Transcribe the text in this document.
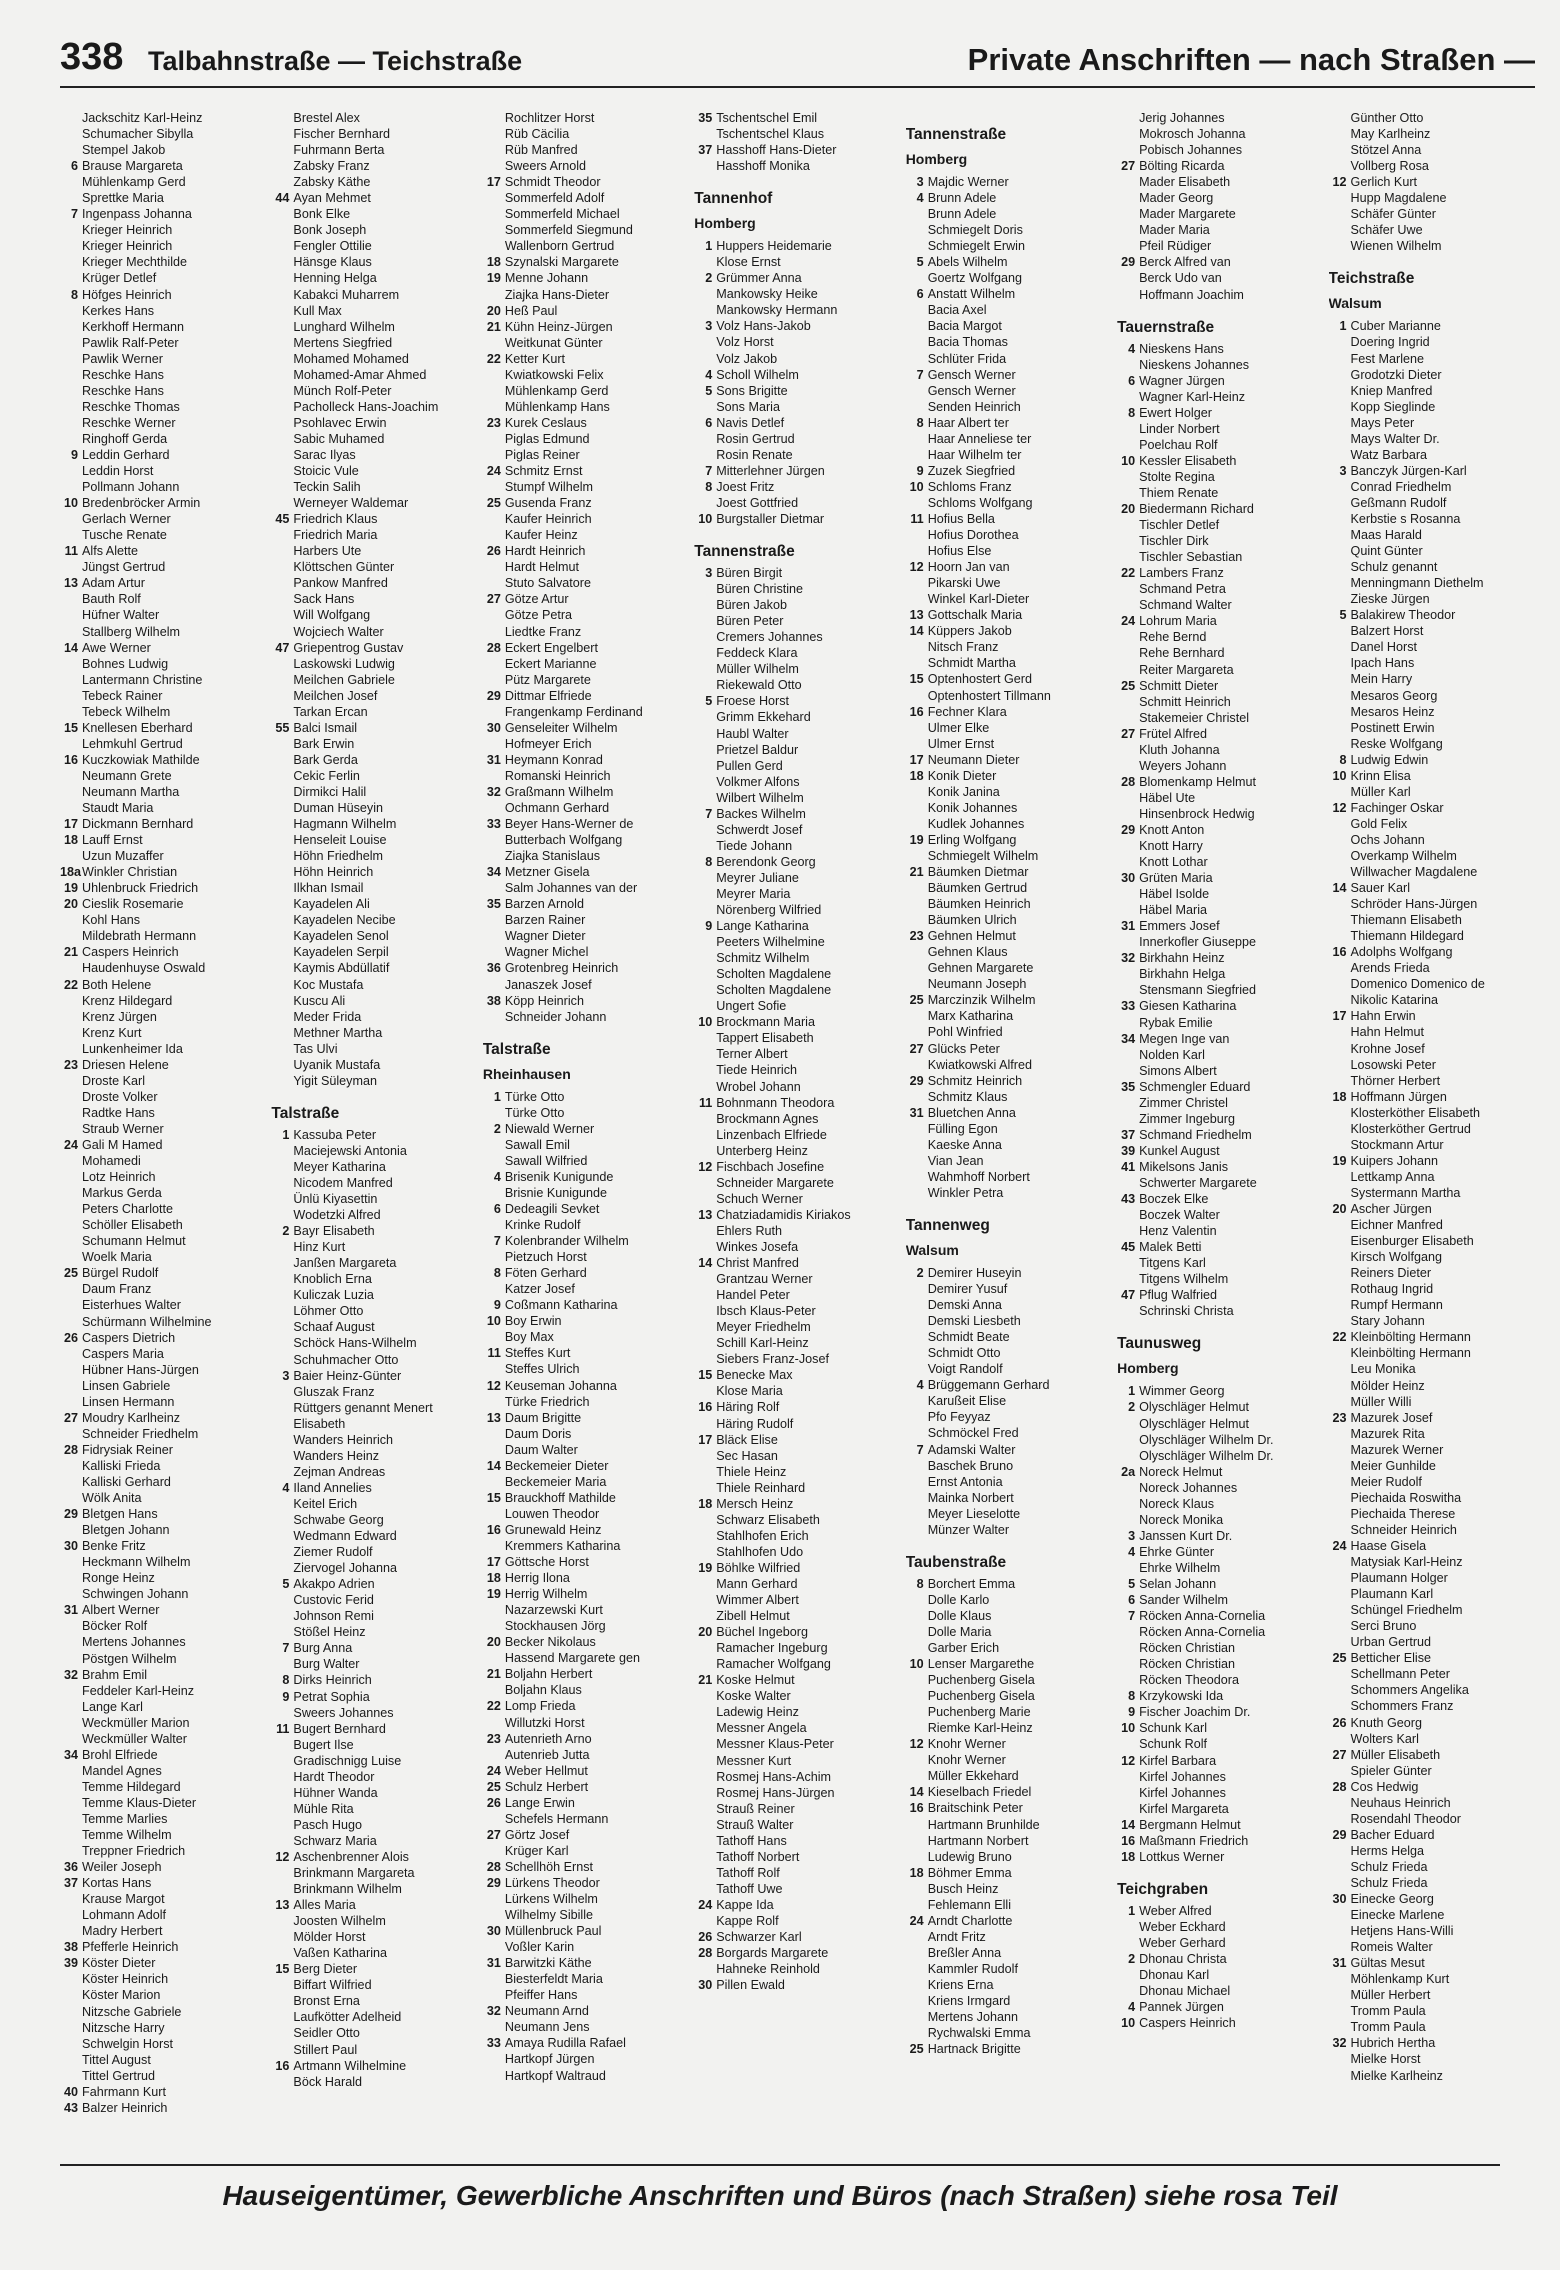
338 Talbahnstraße — Teichstraße	Private Anschriften — nach Straßen —
Jackschitz Karl-Heinz
Schumacher Sibylla
Stempel Jakob
6 Brause Margareta
Mühlenkamp Gerd
Sprettke Maria
7 Ingenpass Johanna
Krieger Heinrich
Krieger Heinrich
Krieger Mechthilde
Krüger Detlef
8 Höfges Heinrich
Kerkes Hans
Kerkhoff Hermann
Pawlik Ralf-Peter
Pawlik Werner
Reschke Hans
Reschke Hans
Reschke Thomas
Reschke Werner
Ringhoff Gerda
9 Leddin Gerhard
Leddin Horst
Pollmann Johann
10 Bredenbröcker Armin
Gerlach Werner
Tusche Renate
11 Alfs Alette
Jüngst Gertrud
13 Adam Artur
Bauth Rolf
Hüfner Walter
Stallberg Wilhelm
14 Awe Werner
Bohnes Ludwig
Lantermann Christine
Tebeck Rainer
Tebeck Wilhelm
15 Knellesen Eberhard
Lehmkuhl Gertrud
16 Kuczkowiak Mathilde
Neumann Grete
Neumann Martha
Staudt Maria
17 Dickmann Bernhard
18 Lauff Ernst
Uzun Muzaffer
18aWinkler Christian
19 Uhlenbruck Friedrich
20 Cieslik Rosemarie
Kohl Hans
Mildebrath Hermann
21 Caspers Heinrich
Haudenhuyse Oswald
22 Both Helene
Krenz Hildegard
Krenz Jürgen
Krenz Kurt
Lunkenheimer Ida
23 Driesen Helene
Droste Karl
Droste Volker
Radtke Hans
Straub Werner
24 Gali M Hamed
Mohamedi
Lotz Heinrich
Markus Gerda
Peters Charlotte
Schöller Elisabeth
Schumann Helmut
Woelk Maria
25 Bürgel Rudolf
Daum Franz
Eisterhues Walter
Schürmann Wilhelmine
26 Caspers Dietrich
Caspers Maria
Hübner Hans-Jürgen
Linsen Gabriele
Linsen Hermann
27 Moudry Karlheinz
Schneider Friedhelm
28 Fidrysiak Reiner
Kalliski Frieda
Kalliski Gerhard
Wölk Anita
29 Bletgen Hans
Bletgen Johann
30 Benke Fritz
Heckmann Wilhelm
Ronge Heinz
Schwingen Johann
31 Albert Werner
Böcker Rolf
Mertens Johannes
Pöstgen Wilhelm
32 Brahm Emil
Feddeler Karl-Heinz
Lange Karl
Weckmüller Marion
Weckmüller Walter
34 Brohl Elfriede
Mandel Agnes
Temme Hildegard
Temme Klaus-Dieter
Temme Marlies
Temme Wilhelm
Treppner Friedrich
36 Weiler Joseph
37 Kortas Hans
Krause Margot
Lohmann Adolf
Madry Herbert
38 Pfefferle Heinrich
39 Köster Dieter
Köster Heinrich
Köster Marion
Nitzsche Gabriele
Nitzsche Harry
Schwelgin Horst
Tittel August
Tittel Gertrud
40 Fahrmann Kurt
43 Balzer Heinrich
Brestel Alex
Fischer Bernhard
Fuhrmann Berta
Zabsky Franz
Zabsky Käthe
44 Ayan Mehmet
Bonk Elke
Bonk Joseph
Fengler Ottilie
Hänsge Klaus
Henning Helga
Kabakci Muharrem
Kull Max
Lunghard Wilhelm
Mertens Siegfried
Mohamed Mohamed
Mohamed-Amar Ahmed
Münch Rolf-Peter
Pacholleck Hans-Joachim
Psohlavec Erwin
Sabic Muhamed
Sarac Ilyas
Stoicic Vule
Teckin Salih
Werneyer Waldemar
45 Friedrich Klaus
Friedrich Maria
Harbers Ute
Klöttschen Günter
Pankow Manfred
Sack Hans
Will Wolfgang
Wojciech Walter
47 Griepentrog Gustav
Laskowski Ludwig
Meilchen Gabriele
Meilchen Josef
Tarkan Ercan
55 Balci Ismail
Bark Erwin
Bark Gerda
Cekic Ferlin
Dirmikci Halil
Duman Hüseyin
Hagmann Wilhelm
Henseleit Louise
Höhn Friedhelm
Höhn Heinrich
Ilkhan Ismail
Kayadelen Ali
Kayadelen Necibe
Kayadelen Senol
Kayadelen Serpil
Kaymis Abdüllatif
Koc Mustafa
Kuscu Ali
Meder Frida
Methner Martha
Tas Ulvi
Uyanik Mustafa
Yigit Süleyman
Talstraße
1 Kassuba Peter
Maciejewski Antonia
Meyer Katharina
Nicodem Manfred
Ünlü Kiyasettin
Wodetzki Alfred
2 Bayr Elisabeth
Hinz Kurt
Janßen Margareta
Knoblich Erna
Kuliczak Luzia
Löhmer Otto
Schaaf August
Schöck Hans-Wilhelm
Schuhmacher Otto
3 Baier Heinz-Günter
Gluszak Franz
Rüttgers genannt Menert
Elisabeth
Wanders Heinrich
Wanders Heinz
Zejman Andreas
4 Iland Annelies
Keitel Erich
Schwabe Georg
Wedmann Edward
Ziemer Rudolf
Ziervogel Johanna
5 Akakpo Adrien
Custovic Ferid
Johnson Remi
Stößel Heinz
7 Burg Anna
Burg Walter
8 Dirks Heinrich
9 Petrat Sophia
Sweers Johannes
11 Bugert Bernhard
Bugert Ilse
Gradischnigg Luise
Hardt Theodor
Hühner Wanda
Mühle Rita
Pasch Hugo
Schwarz Maria
12 Aschenbrenner Alois
Brinkmann Margareta
Brinkmann Wilhelm
13 Alles Maria
Joosten Wilhelm
Mölder Horst
Vaßen Katharina
15 Berg Dieter
Biffart Wilfried
Bronst Erna
Laufkötter Adelheid
Seidler Otto
Stillert Paul
16 Artmann Wilhelmine
Böck Harald
Rochlitzer Horst
Rüb Cäcilia
Rüb Manfred
Sweers Arnold
17 Schmidt Theodor
Sommerfeld Adolf
Sommerfeld Michael
Sommerfeld Siegmund
Wallenborn Gertrud
18 Szynalski Margarete
19 Menne Johann
Ziajka Hans-Dieter
20 Heß Paul
21 Kühn Heinz-Jürgen
Weitkunat Günter
22 Ketter Kurt
Kwiatkowski Felix
Mühlenkamp Gerd
Mühlenkamp Hans
23 Kurek Ceslaus
Piglas Edmund
Piglas Reiner
24 Schmitz Ernst
Stumpf Wilhelm
25 Gusenda Franz
Kaufer Heinrich
Kaufer Heinz
26 Hardt Heinrich
Hardt Helmut
Stuto Salvatore
27 Götze Artur
Götze Petra
Liedtke Franz
28 Eckert Engelbert
Eckert Marianne
Pütz Margarete
29 Dittmar Elfriede
Frangenkamp Ferdinand
30 Genseleiter Wilhelm
Hofmeyer Erich
31 Heymann Konrad
Romanski Heinrich
32 Graßmann Wilhelm
Ochmann Gerhard
33 Beyer Hans-Werner de
Butterbach Wolfgang
Ziajka Stanislaus
34 Metzner Gisela
Salm Johannes van der
35 Barzen Arnold
Barzen Rainer
Wagner Dieter
Wagner Michel
36 Grotenbreg Heinrich
Janaszek Josef
38 Köpp Heinrich
Schneider Johann
Talstraße
Rheinhausen
1 Türke Otto
Türke Otto
2 Niewald Werner
Sawall Emil
Sawall Wilfried
4 Brisenik Kunigunde
Brisnie Kunigunde
6 Dedeagili Sevket
Krinke Rudolf
7 Kolenbrander Wilhelm
Pietzuch Horst
8 Föten Gerhard
Katzer Josef
9 Coßmann Katharina
10 Boy Erwin
Boy Max
11 Steffes Kurt
Steffes Ulrich
12 Keuseman Johanna
Türke Friedrich
13 Daum Brigitte
Daum Doris
Daum Walter
14 Beckemeier Dieter
Beckemeier Maria
15 Brauckhoff Mathilde
Louwen Theodor
16 Grunewald Heinz
Kremmers Katharina
17 Göttsche Horst
18 Herrig Ilona
19 Herrig Wilhelm
Nazarzewski Kurt
Stockhausen Jörg
20 Becker Nikolaus
Hassend Margarete gen
21 Boljahn Herbert
Boljahn Klaus
22 Lomp Frieda
Willutzki Horst
23 Autenrieth Arno
Autenrieb Jutta
24 Weber Hellmut
25 Schulz Herbert
26 Lange Erwin
Schefels Hermann
27 Görtz Josef
Krüger Karl
28 Schellhöh Ernst
29 Lürkens Theodor
Lürkens Wilhelm
Wilhelmy Sibille
30 Müllenbruck Paul
Voßler Karin
31 Barwitzki Käthe
Biesterfeldt Maria
Pfeiffer Hans
32 Neumann Arnd
Neumann Jens
33 Amaya Rudilla Rafael
Hartkopf Jürgen
Hartkopf Waltraud
35 Tschentschel Emil
Tschentschel Klaus
37 Hasshoff Hans-Dieter
Hasshoff Monika
Tannenhof
Homberg
1 Huppers Heidemarie
Klose Ernst
2 Grümmer Anna
Mankowsky Heike
Mankowsky Hermann
3 Volz Hans-Jakob
Volz Horst
Volz Jakob
4 Scholl Wilhelm
5 Sons Brigitte
Sons Maria
6 Navis Detlef
Rosin Gertrud
Rosin Renate
7 Mitterlehner Jürgen
8 Joest Fritz
Joest Gottfried
10 Burgstaller Dietmar
Tannenstraße
3 Büren Birgit
Büren Christine
Büren Jakob
Büren Peter
Cremers Johannes
Feddeck Klara
Müller Wilhelm
Riekewald Otto
5 Froese Horst
Grimm Ekkehard
Haubl Walter
Prietzel Baldur
Pullen Gerd
Volkmer Alfons
Wilbert Wilhelm
7 Backes Wilhelm
Schwerdt Josef
Tiede Johann
8 Berendonk Georg
Meyrer Juliane
Meyrer Maria
Nörenberg Wilfried
9 Lange Katharina
Peeters Wilhelmine
Schmitz Wilhelm
Scholten Magdalene
Scholten Magdalene
Ungert Sofie
10 Brockmann Maria
Tappert Elisabeth
Terner Albert
Tiede Heinrich
Wrobel Johann
11 Bohnmann Theodora
Brockmann Agnes
Linzenbach Elfriede
Unterberg Heinz
12 Fischbach Josefine
Schneider Margarete
Schuch Werner
13 Chatziadamidis Kiriakos
Ehlers Ruth
Winkes Josefa
14 Christ Manfred
Grantzau Werner
Handel Peter
Ibsch Klaus-Peter
Meyer Friedhelm
Schill Karl-Heinz
Siebers Franz-Josef
15 Benecke Max
Klose Maria
16 Häring Rolf
Häring Rudolf
17 Bläck Elise
Sec Hasan
Thiele Heinz
Thiele Reinhard
18 Mersch Heinz
Schwarz Elisabeth
Stahlhofen Erich
Stahlhofen Udo
19 Böhlke Wilfried
Mann Gerhard
Wimmer Albert
Zibell Helmut
20 Büchel Ingeborg
Ramacher Ingeburg
Ramacher Wolfgang
21 Koske Helmut
Koske Walter
Ladewig Heinz
Messner Angela
Messner Klaus-Peter
Messner Kurt
Rosmej Hans-Achim
Rosmej Hans-Jürgen
Strauß Reiner
Strauß Walter
Tathoff Hans
Tathoff Norbert
Tathoff Rolf
Tathoff Uwe
24 Kappe Ida
Kappe Rolf
26 Schwarzer Karl
28 Borgards Margarete
Hahneke Reinhold
30 Pillen Ewald
Tannenstraße
Homberg
3 Majdic Werner
4 Brunn Adele
Brunn Adele
Schmiegelt Doris
Schmiegelt Erwin
5 Abels Wilhelm
Goertz Wolfgang
6 Anstatt Wilhelm
Bacia Axel
Bacia Margot
Bacia Thomas
Schlüter Frida
7 Gensch Werner
Gensch Werner
Senden Heinrich
8 Haar Albert ter
Haar Anneliese ter
Haar Wilhelm ter
9 Zuzek Siegfried
10 Schloms Franz
Schloms Wolfgang
11 Hofius Bella
Hofius Dorothea
Hofius Else
12 Hoorn Jan van
Pikarski Uwe
Winkel Karl-Dieter
13 Gottschalk Maria
14 Küppers Jakob
Nitsch Franz
Schmidt Martha
15 Optenhostert Gerd
Optenhostert Tillmann
16 Fechner Klara
Ulmer Elke
Ulmer Ernst
17 Neumann Dieter
18 Konik Dieter
Konik Janina
Konik Johannes
Kudlek Johannes
19 Erling Wolfgang
Schmiegelt Wilhelm
21 Bäumken Dietmar
Bäumken Gertrud
Bäumken Heinrich
Bäumken Ulrich
23 Gehnen Helmut
Gehnen Klaus
Gehnen Margarete
Neumann Joseph
25 Marczinzik Wilhelm
Marx Katharina
Pohl Winfried
27 Glücks Peter
Kwiatkowski Alfred
29 Schmitz Heinrich
Schmitz Klaus
31 Bluetchen Anna
Fülling Egon
Kaeske Anna
Vian Jean
Wahmhoff Norbert
Winkler Petra
Tannenweg
Walsum
2 Demirer Huseyin
Demirer Yusuf
Demski Anna
Demski Liesbeth
Schmidt Beate
Schmidt Otto
Voigt Randolf
4 Brüggemann Gerhard
Karußeit Elise
Pfo Feyyaz
Schmöckel Fred
7 Adamski Walter
Baschek Bruno
Ernst Antonia
Mainka Norbert
Meyer Lieselotte
Münzer Walter
Taubenstraße
8 Borchert Emma
Dolle Karlo
Dolle Klaus
Dolle Maria
Garber Erich
10 Lenser Margarethe
Puchenberg Gisela
Puchenberg Gisela
Puchenberg Marie
Riemke Karl-Heinz
12 Knohr Werner
Knohr Werner
Müller Ekkehard
14 Kieselbach Friedel
16 Braitschink Peter
Hartmann Brunhilde
Hartmann Norbert
Ludewig Bruno
18 Böhmer Emma
Busch Heinz
Fehlemann Elli
24 Arndt Charlotte
Arndt Fritz
Breßler Anna
Kammler Rudolf
Kriens Erna
Kriens Irmgard
Mertens Johann
Rychwalski Emma
25 Hartnack Brigitte
Jerig Johannes
Mokrosch Johanna
Pobisch Johannes
27 Bölting Ricarda
Mader Elisabeth
Mader Georg
Mader Margarete
Mader Maria
Pfeil Rüdiger
29 Berck Alfred van
Berck Udo van
Hoffmann Joachim
Tauernstraße
4 Nieskens Hans
Nieskens Johannes
6 Wagner Jürgen
Wagner Karl-Heinz
8 Ewert Holger
Linder Norbert
Poelchau Rolf
10 Kessler Elisabeth
Stolte Regina
Thiem Renate
20 Biedermann Richard
Tischler Detlef
Tischler Dirk
Tischler Sebastian
22 Lambers Franz
Schmand Petra
Schmand Walter
24 Lohrum Maria
Rehe Bernd
Rehe Bernhard
Reiter Margareta
25 Schmitt Dieter
Schmitt Heinrich
Stakemeier Christel
27 Frütel Alfred
Kluth Johanna
Weyers Johann
28 Blomenkamp Helmut
Häbel Ute
Hinsenbrock Hedwig
29 Knott Anton
Knott Harry
Knott Lothar
30 Grüten Maria
Häbel Isolde
Häbel Maria
31 Emmers Josef
Innerkofler Giuseppe
32 Birkhahn Heinz
Birkhahn Helga
Stensmann Siegfried
33 Giesen Katharina
Rybak Emilie
34 Megen Inge van
Nolden Karl
Simons Albert
35 Schmengler Eduard
Zimmer Christel
Zimmer Ingeburg
37 Schmand Friedhelm
39 Kunkel August
41 Mikelsons Janis
Schwerter Margarete
43 Boczek Elke
Boczek Walter
Henz Valentin
45 Malek Betti
Titgens Karl
Titgens Wilhelm
47 Pflug Walfried
Schrinski Christa
Taunusweg
Homberg
1 Wimmer Georg
2 Olyschläger Helmut
Olyschläger Helmut
Olyschläger Wilhelm Dr.
Olyschläger Wilhelm Dr.
2a Noreck Helmut
Noreck Johannes
Noreck Klaus
Noreck Monika
3 Janssen Kurt Dr.
4 Ehrke Günter
Ehrke Wilhelm
5 Selan Johann
6 Sander Wilhelm
7 Röcken Anna-Cornelia
Röcken Anna-Cornelia
Röcken Christian
Röcken Christian
Röcken Theodora
8 Krzykowski Ida
9 Fischer Joachim Dr.
10 Schunk Karl
Schunk Rolf
12 Kirfel Barbara
Kirfel Johannes
Kirfel Johannes
Kirfel Margareta
14 Bergmann Helmut
16 Maßmann Friedrich
18 Lottkus Werner
Teichgraben
1 Weber Alfred
Weber Eckhard
Weber Gerhard
2 Dhonau Christa
Dhonau Karl
Dhonau Michael
4 Pannek Jürgen
10 Caspers Heinrich
Günther Otto
May Karlheinz
Stötzel Anna
Vollberg Rosa
12 Gerlich Kurt
Hupp Magdalene
Schäfer Günter
Schäfer Uwe
Wienen Wilhelm
Teichstraße
Walsum
1 Cuber Marianne
Doering Ingrid
Fest Marlene
Grodotzki Dieter
Kniep Manfred
Kopp Sieglinde
Mays Peter
Mays Walter Dr.
Watz Barbara
3 Banczyk Jürgen-Karl
Conrad Friedhelm
Geßmann Rudolf
Kerbstie s Rosanna
Maas Harald
Quint Günter
Schulz genannt
Menningmann Diethelm
Zieske Jürgen
5 Balakirew Theodor
Balzert Horst
Danel Horst
Ipach Hans
Mein Harry
Mesaros Georg
Mesaros Heinz
Postinett Erwin
Reske Wolfgang
8 Ludwig Edwin
10 Krinn Elisa
Müller Karl
12 Fachinger Oskar
Gold Felix
Ochs Johann
Overkamp Wilhelm
Willwacher Magdalene
14 Sauer Karl
Schröder Hans-Jürgen
Thiemann Elisabeth
Thiemann Hildegard
16 Adolphs Wolfgang
Arends Frieda
Domenico Domenico de
Nikolic Katarina
17 Hahn Erwin
Hahn Helmut
Krohne Josef
Losowski Peter
Thörner Herbert
18 Hoffmann Jürgen
Klosterköther Elisabeth
Klosterköther Gertrud
Stockmann Artur
19 Kuipers Johann
Lettkamp Anna
Systermann Martha
20 Ascher Jürgen
Eichner Manfred
Eisenburger Elisabeth
Kirsch Wolfgang
Reiners Dieter
Rothaug Ingrid
Rumpf Hermann
Stary Johann
22 Kleinbölting Hermann
Kleinbölting Hermann
Leu Monika
Mölder Heinz
Müller Willi
23 Mazurek Josef
Mazurek Rita
Mazurek Werner
Meier Gunhilde
Meier Rudolf
Piechaida Roswitha
Piechaida Therese
Schneider Heinrich
24 Haase Gisela
Matysiak Karl-Heinz
Plaumann Holger
Plaumann Karl
Schüngel Friedhelm
Serci Bruno
Urban Gertrud
25 Betticher Elise
Schellmann Peter
Schommers Angelika
Schommers Franz
26 Knuth Georg
Wolters Karl
27 Müller Elisabeth
Spieler Günter
28 Cos Hedwig
Neuhaus Heinrich
Rosendahl Theodor
29 Bacher Eduard
Herms Helga
Schulz Frieda
Schulz Frieda
30 Einecke Georg
Einecke Marlene
Hetjens Hans-Willi
Romeis Walter
31 Gültas Mesut
Möhlenkamp Kurt
Müller Herbert
Tromm Paula
Tromm Paula
32 Hubrich Hertha
Mielke Horst
Mielke Karlheinz
Hauseigentümer, Gewerbliche Anschriften und Büros (nach Straßen) siehe rosa Teil
